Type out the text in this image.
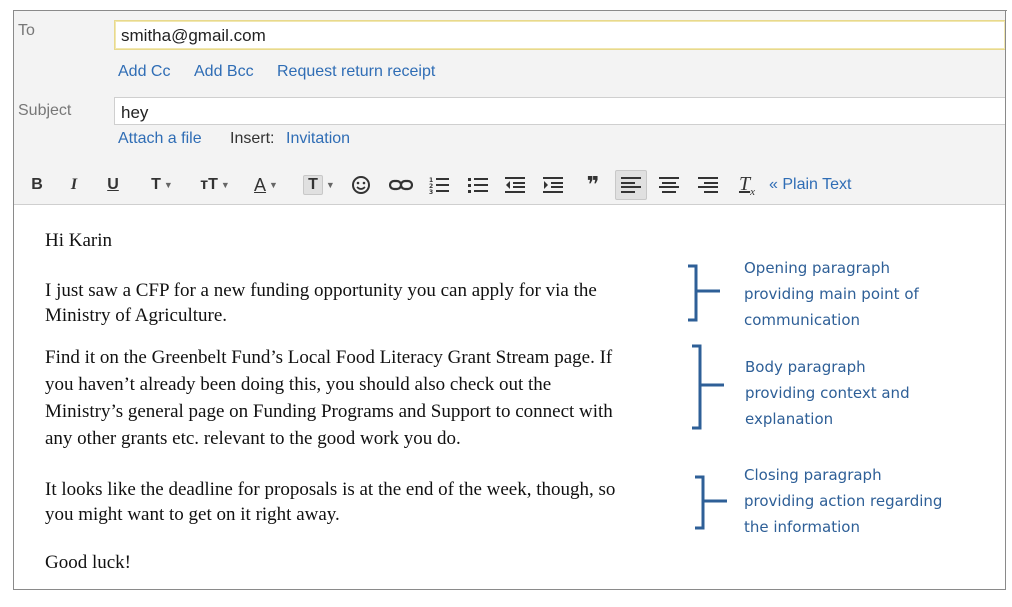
To	smitha@gmail.com
Add Cc Add Bcc Request return receipt
Subject	hey
Attach a file Insert: Invitation
B I U T ▼ тT ▼ A ▼	T ▼	1
2
3	❞	$T_x$ « Plain Text
Hi Karin
I just saw a CFP for a new funding opportunity you can apply for via the
Ministry of Agriculture.
Find it on the Greenbelt Fund’s Local Food Literacy Grant Stream page. If
you haven’t already been doing this, you should also check out the
Ministry’s general page on Funding Programs and Support to connect with
any other grants etc. relevant to the good work you do.
It looks like the deadline for proposals is at the end of the week, though, so
you might want to get on it right away.
Good luck!
Opening paragraph
providing main point of
communication
Body paragraph
providing context and
explanation
Closing paragraph
providing action regarding
the information
